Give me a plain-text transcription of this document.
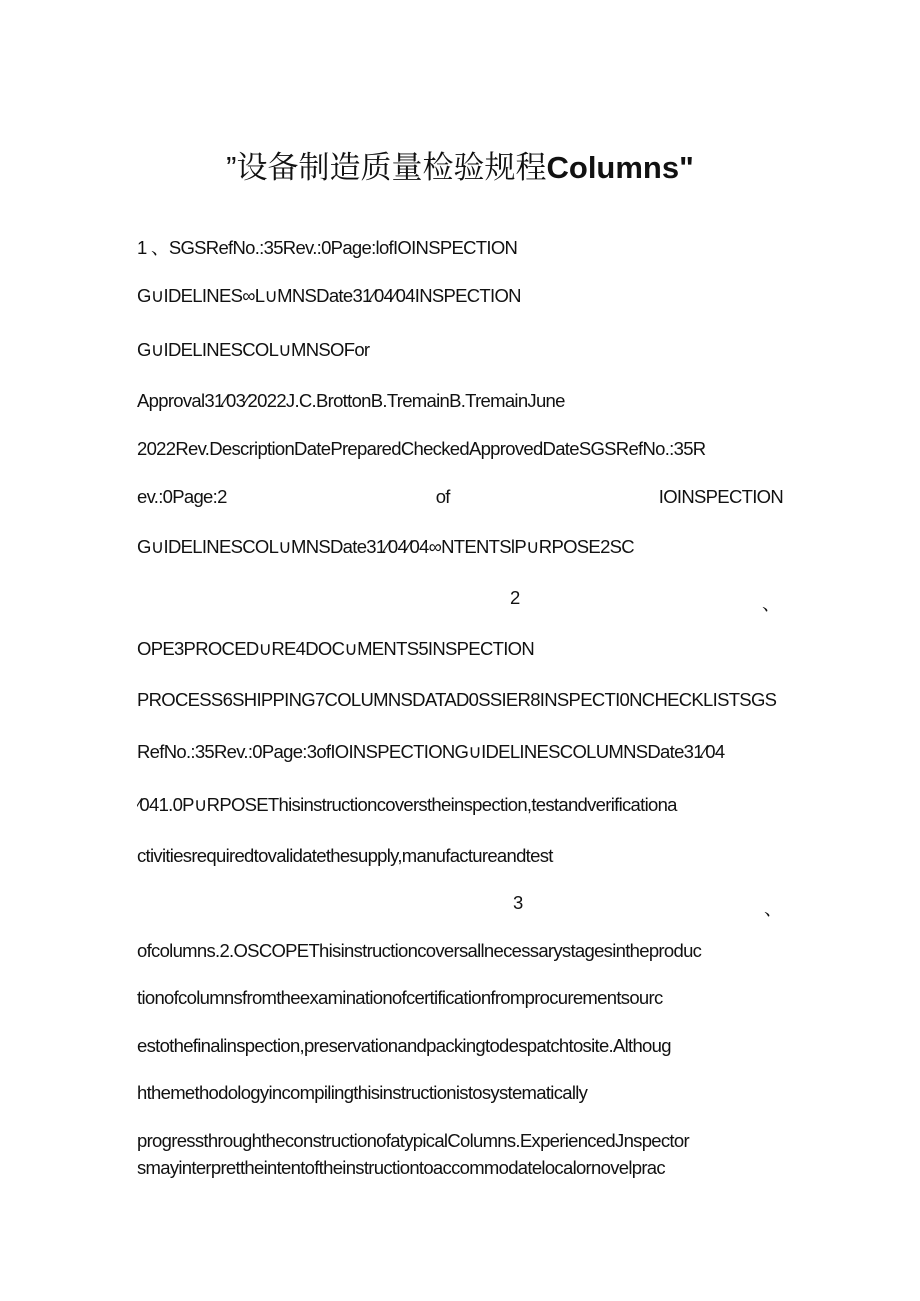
”设备制造质量检验规程Columns"
1 、SGSRefNo.:35Rev.:0Page:lofIOINSPECTION
G∪IDELINES∞L∪MNSDate31∕04∕04INSPECTION
G∪IDELINESCOL∪MNSOFor
Approval31∕03∕2022J.C.BrottonB.TremainB.TremainJune
2022Rev.DescriptionDatePreparedCheckedApprovedDateSGSRefNo.:35R
ev.:0Page:2	of	IOINSPECTION
G∪IDELINESCOL∪MNSDate31∕04∕04∞NTENTSlP∪RPOSE2SC
2	、
OPE3PROCED∪RE4DOC∪MENTS5INSPECTION
PROCESS6SHIPPING7COLUMNSDATAD0SSIER8INSPECTI0NCHECKLISTSGS
RefNo.:35Rev.:0Page:3ofIOINSPECTIONG∪IDELINESCOLUMNSDate31∕04
∕041.0P∪RPOSEThisinstructioncoverstheinspection,testandverificationa
ctivitiesrequiredtovalidatethesupply,manufactureandtest
3	、
ofcolumns.2.OSCOPEThisinstructioncoversallnecessarystagesintheproduc
tionofcolumnsfromtheexaminationofcertificationfromprocurementsourc
estothefinalinspection,preservationandpackingtodespatchtosite.Althoug
hthemethodologyincompilingthisinstructionistosystematically
progressthroughtheconstructionofatypicalColumns.ExperiencedJnspector
smayinterprettheintentoftheinstructiontoaccommodatelocalornovelprac
